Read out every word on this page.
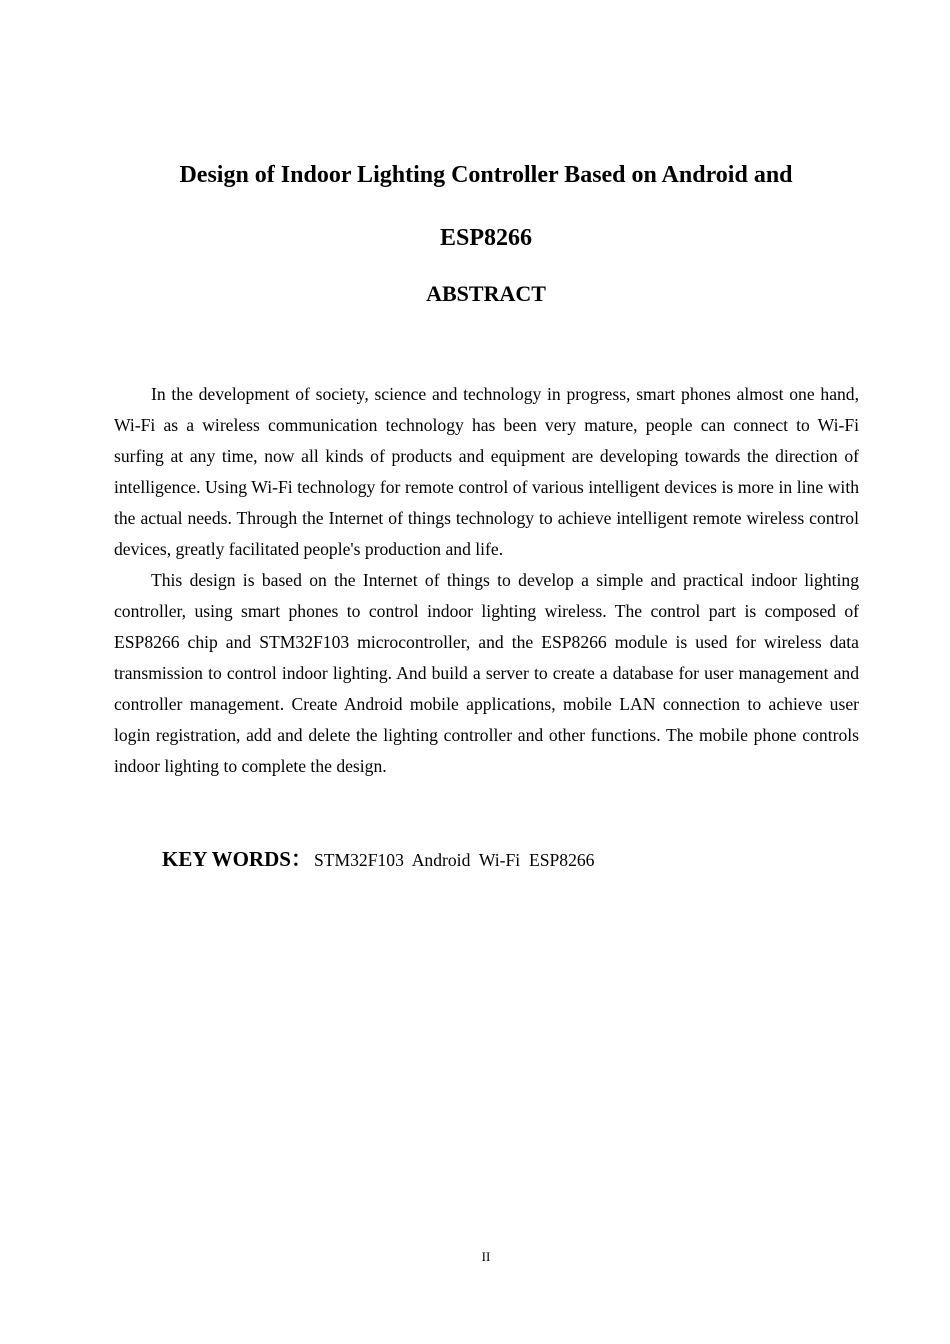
Design of Indoor Lighting Controller Based on Android and
ESP8266
ABSTRACT

In the development of society, science and technology in progress, smart phones almost one hand, Wi-Fi as a wireless communication technology has been very mature, people can connect to Wi-Fi surfing at any time, now all kinds of products and equipment are developing towards the direction of intelligence. Using Wi-Fi technology for remote control of various intelligent devices is more in line with the actual needs. Through the Internet of things technology to achieve intelligent remote wireless control devices, greatly facilitated people's production and life.

This design is based on the Internet of things to develop a simple and practical indoor lighting controller, using smart phones to control indoor lighting wireless. The control part is composed of ESP8266 chip and STM32F103 microcontroller, and the ESP8266 module is used for wireless data transmission to control indoor lighting. And build a server to create a database for user management and controller management. Create Android mobile applications, mobile LAN connection to achieve user login registration, add and delete the lighting controller and other functions. The mobile phone controls indoor lighting to complete the design.

KEY WORDS： STM32F103  Android  Wi-Fi  ESP8266
II
